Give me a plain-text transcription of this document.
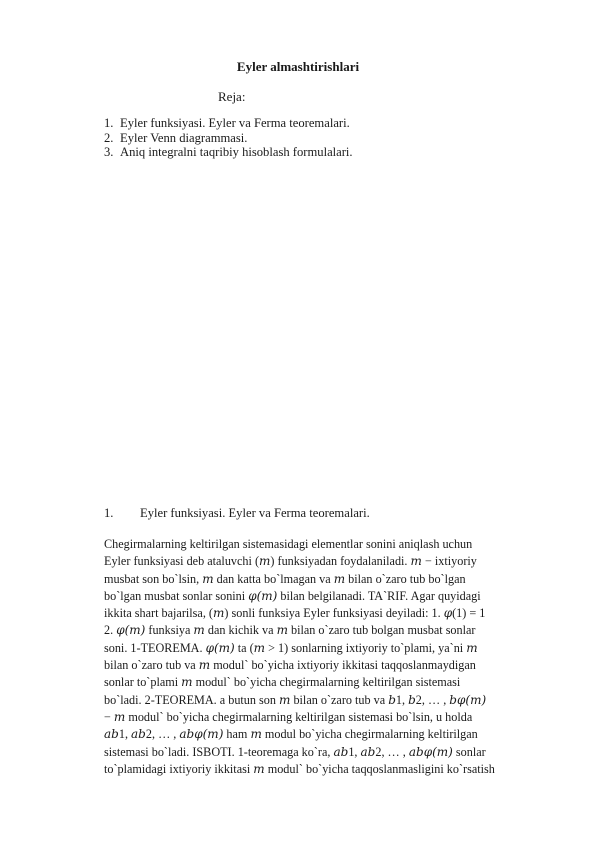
Eyler almashtirishlari
Reja:
1. Eyler funksiyasi. Eyler va Ferma teoremalari.
2. Eyler Venn diagrammasi.
3. Aniq integralni taqribiy hisoblash formulalari.
1.	Eyler funksiyasi. Eyler va Ferma teoremalari.
Chegirmalarning keltirilgan sistemasidagi elementlar sonini aniqlash uchun
Eyler funksiyasi deb ataluvchi (m) funksiyadan foydalaniladi. m − ixtiyoriy
musbat son bo`lsin, m dan katta bo`lmagan va m bilan o`zaro tub bo`lgan
bo`lgan musbat sonlar sonini φ(m) bilan belgilanadi. TA`RIF. Agar quyidagi
ikkita shart bajarilsa, (m) sonli funksiya Eyler funksiyasi deyiladi: 1. φ(1) = 1
2. φ(m) funksiya m dan kichik va m bilan o`zaro tub bolgan musbat sonlar
soni. 1-TEOREMA. φ(m) ta (m > 1) sonlarning ixtiyoriy to`plami, ya`ni m
bilan o`zaro tub va m modul` bo`yicha ixtiyoriy ikkitasi taqqoslanmaydigan
sonlar to`plami m modul` bo`yicha chegirmalarning keltirilgan sistemasi
bo`ladi. 2-TEOREMA. a butun son m bilan o`zaro tub va b1, b2, … , bφ(m)
− m modul` bo`yicha chegirmalarning keltirilgan sistemasi bo`lsin, u holda
ab1, ab2, … , abφ(m) ham m modul bo`yicha chegirmalarning keltirilgan
sistemasi bo`ladi. ISBOTI. 1-teoremaga ko`ra, ab1, ab2, … , abφ(m) sonlar
to`plamidagi ixtiyoriy ikkitasi m modul` bo`yicha taqqoslanmasligini ko`rsatish
